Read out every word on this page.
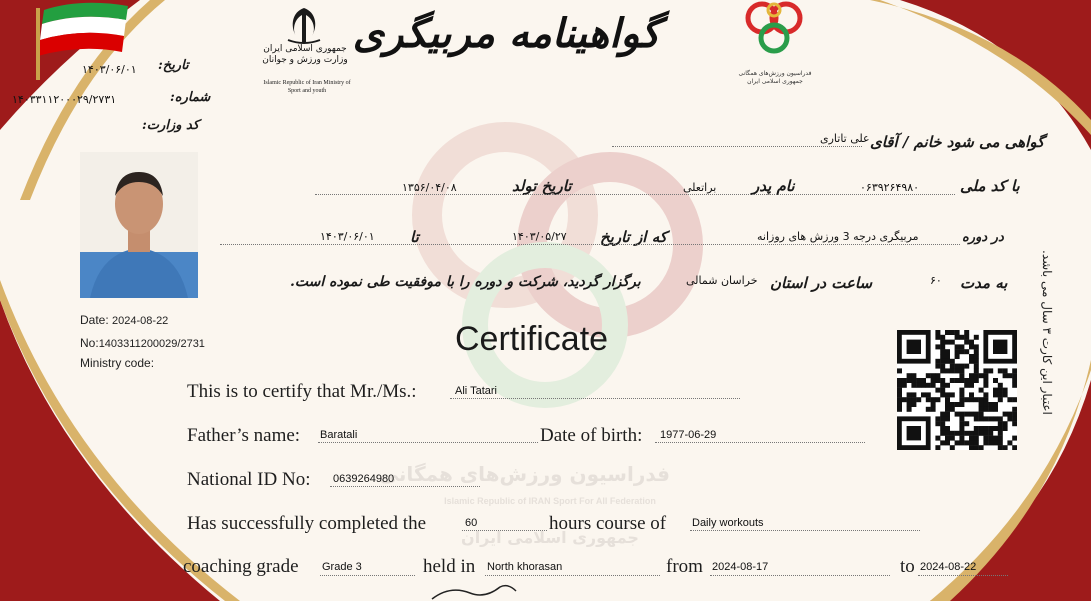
جمهوری اسلامی ایران
وزارت ورزش و جوانان
Islamic Republic of Iran Ministry of Sport and youth
گواهینامه مربیگری
فدراسیون ورزش‌های همگانی جمهوری اسلامی ایران
تاریخ:
۱۴۰۳/۰۶/۰۱
شماره:
۱۴۰۳۳۱۱۲۰۰۰۲۹/۲۷۳۱
کد وزارت:
گواهی می شود خانم / آقای
علی تاتاری
با کد ملی
۰۶۳۹۲۶۴۹۸۰
نام پدر
براتعلی
تاریخ تولد
۱۳۵۶/۰۴/۰۸
در دوره
مربیگری درجه 3 ورزش های روزانه
که از تاریخ
۱۴۰۳/۰۵/۲۷
تا
۱۴۰۳/۰۶/۰۱
به مدت
۶۰
ساعت در استان
خراسان شمالی
برگزار گردید، شرکت و دوره را با موفقیت طی نموده است.	اعتبار این کارت ۳ سال می باشد.
Date: 2024-08-22
No:1403311200029/2731
Ministry code:
Certificate
فدراسیون ورزش‌های همگانی
Islamic Republic of IRAN Sport For All Federation
جمهوری اسلامی ایران
This is to certify that Mr./Ms.:	Ali Tatari
Father’s name: Baratali	Date of birth: 1977-06-29
National ID No: 0639264980
Has successfully completed the	60	hours course of Daily workouts
coaching grade Grade 3	held in North khorasan	from 2024-08-17	to 2024-08-22
